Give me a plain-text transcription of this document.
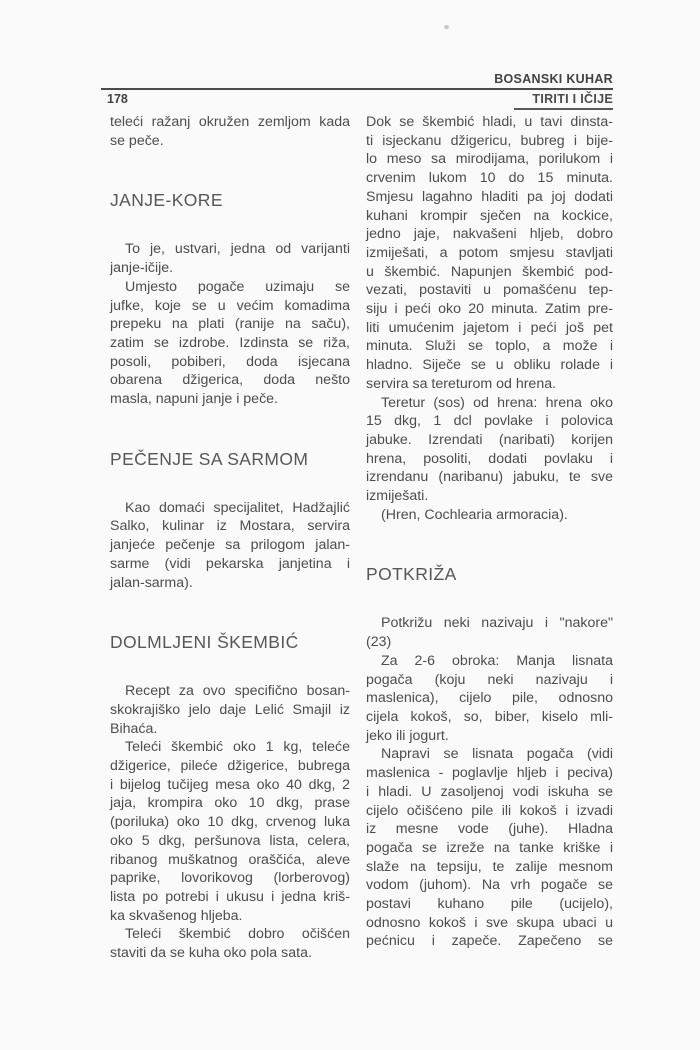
BOSANSKI KUHAR
178	TIRITI I IČIJE
teleći ražanj okružen zemljom kada
se peče.
JANJE-KORE
To je, ustvari, jedna od varijanti
janje-ičije.
Umjesto pogače uzimaju se
jufke, koje se u većim komadima
prepeku na plati (ranije na saču),
zatim se izdrobe. Izdinsta se riža,
posoli, pobiberi, doda isjecana
obarena džigerica, doda nešto
masla, napuni janje i peče.
PEČENJE SA SARMOM
Kao domaći specijalitet, Hadžajlić
Salko, kulinar iz Mostara, servira
janjeće pečenje sa prilogom jalan-
sarme (vidi pekarska janjetina i
jalan-sarma).
DOLMLJENI ŠKEMBIĆ
Recept za ovo specifično bosan-
skokrajiško jelo daje Lelić Smajil iz
Bihaća.
Teleći škembić oko 1 kg, teleće
džigerice, pileće džigerice, bubrega
i bijelog tučijeg mesa oko 40 dkg, 2
jaja, krompira oko 10 dkg, prase
(poriluka) oko 10 dkg, crvenog luka
oko 5 dkg, peršunova lista, celera,
ribanog muškatnog oraščića, aleve
paprike, lovorikovog (lorberovog)
lista po potrebi i ukusu i jedna kriš-
ka skvašenog hljeba.
Teleći škembić dobro očišćen
staviti da se kuha oko pola sata.
Dok se škembić hladi, u tavi dinsta-
ti isjeckanu džigericu, bubreg i bije-
lo meso sa mirodijama, porilukom i
crvenim lukom 10 do 15 minuta.
Smjesu lagahno hladiti pa joj dodati
kuhani krompir sječen na kockice,
jedno jaje, nakvašeni hljeb, dobro
izmiješati, a potom smjesu stavljati
u škembić. Napunjen škembić pod-
vezati, postaviti u pomašćenu tep-
siju i peći oko 20 minuta. Zatim pre-
liti umućenim jajetom i peći još pet
minuta. Služi se toplo, a može i
hladno. Siječe se u obliku rolade i
servira sa tereturom od hrena.
Teretur (sos) od hrena: hrena oko
15 dkg, 1 dcl povlake i polovica
jabuke. Izrendati (naribati) korijen
hrena, posoliti, dodati povlaku i
izrendanu (naribanu) jabuku, te sve
izmiješati.
(Hren, Cochlearia armoracia).
POTKRIŽA
Potkrižu neki nazivaju i "nakore"
(23)
Za 2-6 obroka: Manja lisnata
pogača (koju neki nazivaju i
maslenica), cijelo pile, odnosno
cijela kokoš, so, biber, kiselo mli-
jeko ili jogurt.
Napravi se lisnata pogača (vidi
maslenica - poglavlje hljeb i peciva)
i hladi. U zasoljenoj vodi iskuha se
cijelo očišćeno pile ili kokoš i izvadi
iz mesne vode (juhe). Hladna
pogača se izreže na tanke kriške i
slaže na tepsiju, te zalije mesnom
vodom (juhom). Na vrh pogače se
postavi kuhano pile (ucijelo),
odnosno kokoš i sve skupa ubaci u
pećnicu i zapeče. Zapečeno se
